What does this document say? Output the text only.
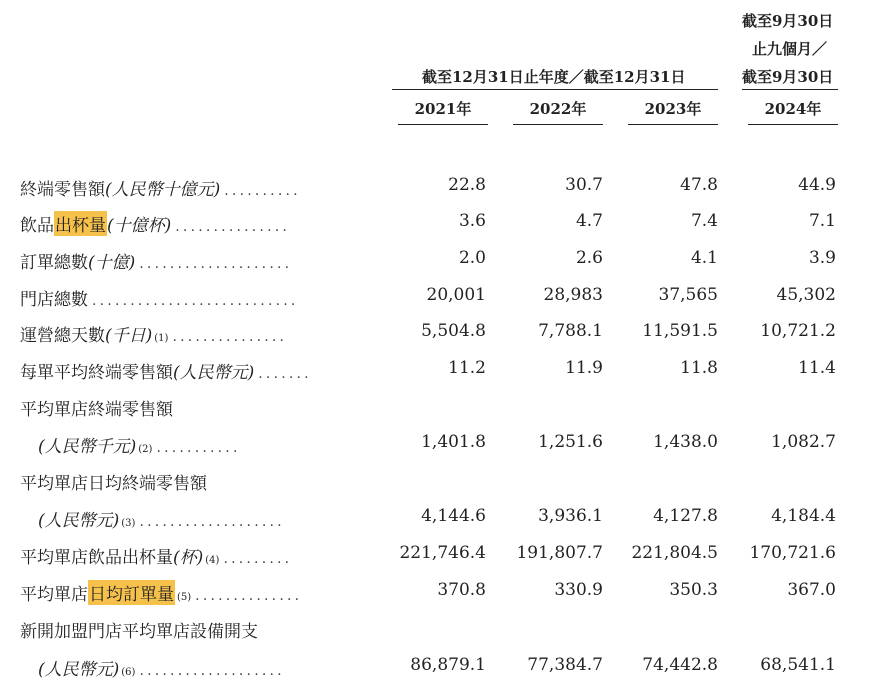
截至9月30日
止九個月／
截至9月30日
截至12月31日止年度／截至12月31日
2021年	2022年	2023年	2024年
終端零售額 (人民幣十億元) ..........	22.8	30.7	47.8	44.9
飲品 出杯量 (十億杯) ...............	3.6	4.7	7.4	7.1
訂單總數 (十億) ....................	2.0	2.6	4.1	3.9
門店總數 ...........................	20,001	28,983	37,565	45,302
運營總天數 (千日)$_{(1)}$ ...............	5,504.8	7,788.1	11,591.5	10,721.2
每單平均終端零售額 (人民幣元) .......	11.2	11.9	11.8	11.4
平均單店終端零售額
(人民幣千元)$_{(2)}$ ...........	1,401.8	1,251.6	1,438.0	1,082.7
平均單店日均終端零售額
(人民幣元)$_{(3)}$ ...................	4,144.6	3,936.1	4,127.8	4,184.4
平均單店飲品出杯量 (杯)$_{(4)}$ .........	221,746.4	191,807.7	221,804.5	170,721.6
平均單店 日均訂單量 $_{(5)}$ ..............	370.8	330.9	350.3	367.0
新開加盟門店平均單店設備開支
(人民幣元)$_{(6)}$ ...................	86,879.1	77,384.7	74,442.8	68,541.1
